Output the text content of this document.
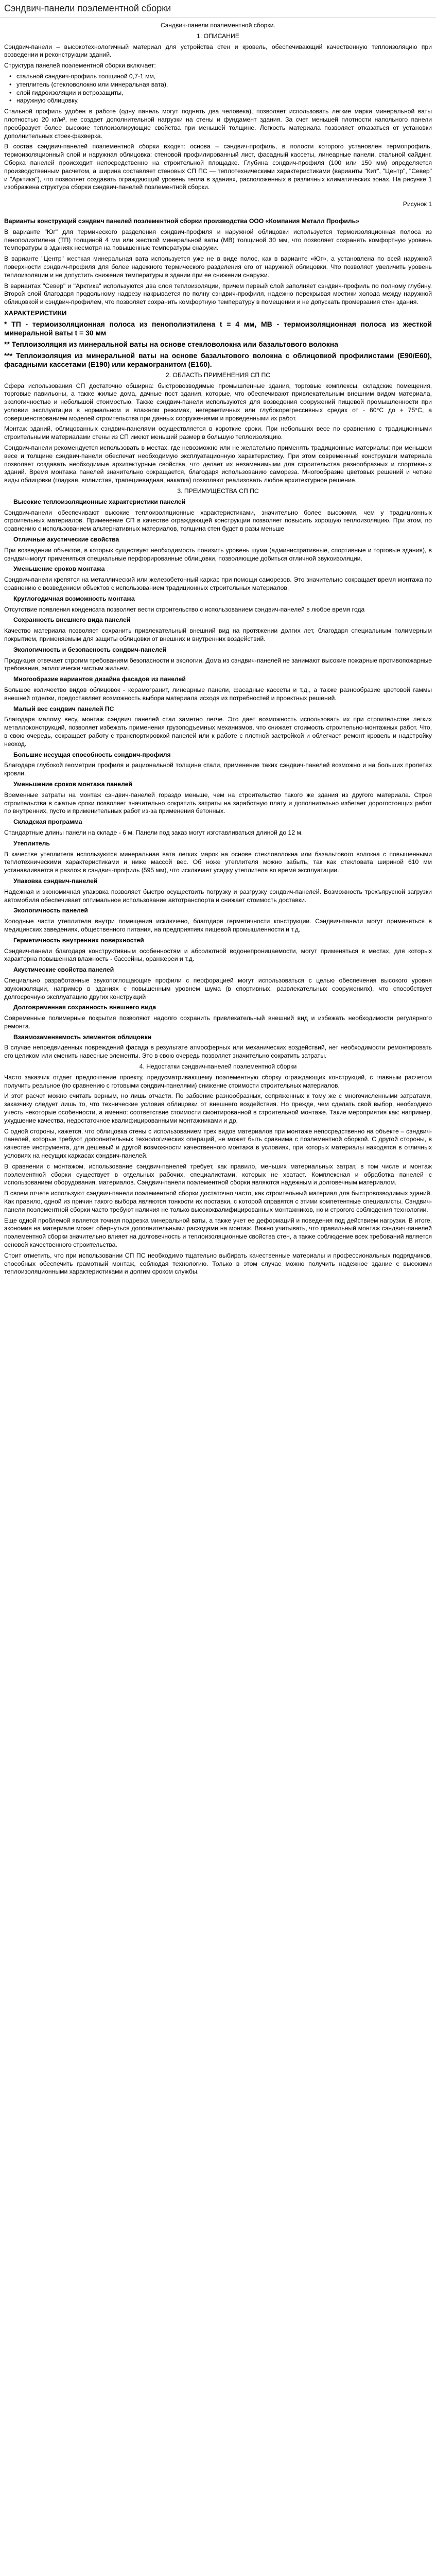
Сэндвич-панели поэлементной сборки

Сэндвич-панели поэлементной сборки.

1. ОПИСАНИЕ

Сэндвич-панели – высокотехнологичный материал для устройства стен и кровель, обеспечивающий качественную теплоизоляцию при возведении и реконструкции зданий.

Структура панелей поэлементной сборки включает:

• стальной сэндвич-профиль толщиной 0,7-1 мм,
• утеплитель (стекловолокно или минеральная вата),
• слой гидроизоляции и ветрозащиты,
• наружную облицовку.

Стальной профиль удобен в работе (одну панель могут поднять два человека), позволяет использовать легкие марки минеральной ваты плотностью 20 кг/м³, не создает дополнительной нагрузки на стены и фундамент здания. За счет меньшей плотности напольного панели преобразует более высокие теплоизолирующие свойства при меньшей толщине. Легкость материала позволяет отказаться от установки дополнительных стоек-фахверка.

В состав сэндвич-панелей поэлементной сборки входят: основа – сэндвич-профиль, в полости которого установлен термопрофиль, термоизоляционный слой и наружная облицовка: стеновой профилированный лист, фасадный кассеты, линеарные панели, стальной сайдинг. Сборка панелей происходит непосредственно на строительной площадке. Глубина сэндвич-профиля (100 или 150 мм) определяется производственным расчетом, а ширина составляет стеновых СП ПС — теплотехническими характеристиками (варианты "Кит", "Центр", "Север" и "Арктика"), что позволяет создавать ограждающий уровень тепла в зданиях, расположенных в различных климатических зонах. На рисунке 1 изображена структура сборки сэндвич-панелей поэлементной сборки.

Рисунок 1

Варианты конструкций сэндвич панелей поэлементной сборки производства ООО «Компания Металл Профиль»

В варианте "Юг" для термического разделения сэндвич-профиля и наружной облицовки используется термоизоляционная полоса из пенополиэтилена (ТП) толщиной 4 мм или жесткой минеральной ваты (МВ) толщиной 30 мм, что позволяет сохранять комфортную уровень температуры в зданиях несмотря на повышенные температуры снаружи.

В варианте "Центр" жесткая минеральная вата используется уже не в виде полос, как в варианте «Юг», а установлена по всей наружной поверхности сэндвич-профиля для более надежного термического разделения его от наружной облицовки. Что позволяет увеличить уровень теплоизоляции и не допустить снижения температуры в здании при ее снижении снаружи.

В вариантах "Север" и "Арктика" используются два слоя теплоизоляции, причем первый слой заполняет сэндвич-профиль по полному глубину. Второй слой благодаря продольному надрезу накрывается по полну сэндвич-профиля, надежно перекрывая мостики холода между наружной облицовкой и сэндвич-профилем, что позволяет сохранить комфортную температуру в помещении и не допускать промерзания стен здания.

ХАРАКТЕРИСТИКИ

* ТП - термоизоляционная полоса из пенополиэтилена t = 4 мм, МВ - термоизоляционная полоса из жесткой минеральной ваты t = 30 мм

** Теплоизоляция из минеральной ваты на основе стекловолокна или базальтового волокна

*** Теплоизоляция из минеральной ваты на основе базальтового волокна с облицовкой профилистами (Е90/Е60), фасадными кассетами (Е190) или керамогранитом (Е160).

2. ОБЛАСТЬ ПРИМЕНЕНИЯ СП ПС

Сфера использования СП достаточно обширна: быстровозводимые промышленные здания, торговые комплексы, складские помещения, торговые павильоны, а также жилые дома, дачные пост здания, которые, что обеспечивают привлекательным внешним видом материала, экологичностью и небольшой стоимостью. Также сэндвич-панели используются для возведения сооружений пищевой промышленности при условии эксплуатации в нормальном и влажном режимах, негерметичных или глубокорегрессивных средах от - 60°С до + 75°С, а совершенствованием моделей строительства при данных сооружениями и проведенными их работ.

Монтаж зданий, облицованных сэндвич-панелями осуществляется в короткие сроки. При небольших весе по сравнению с традиционными строительными материалами стены из СП имеют меньший размер в большую теплоизоляцию.

Сэндвич-панели рекомендуется использовать в местах, где невозможно или не желательно применять традиционные материалы: при меньшем весе и толщине сэндвич-панели обеспечат необходимую эксплуатационную характеристику. При этом современный конструкции материала позволяет создавать необходимые архитектурные свойства, что делает их незаменимыми для строительства разнообразных и спортивных зданий. Время монтажа панелей значительно сокращается, благодаря использованию самореза. Многообразие цветовых решений и четкие виды облицовки (гладкая, волнистая, трапециевидная, накатка) позволяют реализовать любое архитектурное решение.

3. ПРЕИМУЩЕСТВА СП ПС

Высокие теплоизоляционные характеристики панелей

Сэндвич-панели обеспечивают высокие теплоизоляционные характеристиками, значительно более высокими, чем у традиционных строительных материалов. Применение СП в качестве ограждающей конструкции позволяет повысить хорошую теплоизоляцию. При этом, по сравнению с использованием альтернативных материалов, толщина стен будет в разы меньше

Отличные акустические свойства

При возведении объектов, в которых существует необходимость понизить уровень шума (административные, спортивные и торговые здания), в сэндвич-могут применяться специальные перфорированные облицовки, позволяющие добиться отличной звукоизоляции.

Уменьшение сроков монтажа

Сэндвич-панели крепятся на металлический или железобетонный каркас при помощи саморезов. Это значительно сокращает время монтажа по сравнению с возведением объектов с использованием традиционных строительных материалов.

Круглогодичная возможность монтажа

Отсутствие появления конденсата позволяет вести строительство с использованием сэндвич-панелей в любое время года

Сохранность внешнего вида панелей

Качество материала позволяет сохранить привлекательный внешний вид на протяжении долгих лет, благодаря специальным полимерным покрытием, применяемым для защиты облицовки от внешних и внутренних воздействий.

Экологичность и безопасность сэндвич-панелей

Продукция отвечает строгим требованиям безопасности и экологии. Дома из сэндвич-панелей не занимают высокие пожарные противопожарные требования, экологически чистым жильем.

Многообразие вариантов дизайна фасадов из панелей

Большое количество видов облицовок - керамогранит, линеарные панели, фасадные кассеты и т.д., а также разнообразие цветовой гаммы внешней отделки, предоставляет возможность выбора материала исходя из потребностей и проектных решений.

Малый вес сэндвич панелей ПС

Благодаря малому весу, монтаж сэндвич панелей стал заметно легче. Это дает возможность использовать их при строительстве легких металлоконструкций, позволяет избежать применения грузоподъемных механизмов, что снижает стоимость строительно-монтажных работ. Что, в свою очередь, сокращает работу с транспортировкой панелей или к работе с плотной застройкой и облегчает ремонт кровель и надстройку неоход.

Большие несущая способность сэндвич-профиля

Благодаря глубокой геометрии профиля и рациональной толщине стали, применение таких сэндвич-панелей возможно и на больших пролетах кровли.

Уменьшение сроков монтажа панелей

Временные затраты на монтаж сэндвич-панелей гораздо меньше, чем на строительство такого же здания из другого материала. Строя строительства в сжатые сроки позволяет значительно сократить затраты на заработную плату и дополнительно избегает дорогостоящих работ по внутренних, пусто и применительных работ из-за применения бетонных.

Складская программа

Стандартные длины панели на складе - 6 м. Панели под заказ могут изготавливаться длиной до 12 м.

Утеплитель

В качестве утеплителя используются минеральная вата легких марок на основе стекловолокна или базальтового волокна с повышенными теплотехническими характеристиками и ниже массой вес. Об ноже утеплителя можно забыть, так как стекловата шириной 610 мм устанавливается в разлож в сэндвич-профиль (595 мм), что исключает усадку утеплителя во время эксплуатации.

Упаковка сэндвич-панелей

Надежная и экономичная упаковка позволяет быстро осуществить погрузку и разгрузку сэндвич-панелей. Возможность трехъярусной загрузки автомобиля обеспечивает оптимальное использование автотранспорта и снижает стоимость доставки.

Экологичность панелей

Холодные части утеплителя внутри помещения исключено, благодаря герметичности конструкции. Сэндвич-панели могут применяться в медицинских заведениях, общественного питания, на предприятиях пищевой промышленности и т.д.

Герметичность внутренних поверхностей

Сэндвич-панели благодаря конструктивным особенностям и абсолютной водонепроницаемости, могут применяться в местах, для которых характерна повышенная влажность - бассейны, оранжереи и т.д.

Акустические свойства панелей

Специально разработанные звукопоглощающие профили с перфорацией могут использоваться с целью обеспечения высокого уровня звукоизоляции, например в зданиях с повышенным уровнем шума (в спортивных, развлекательных сооружениях), что способствует долгосрочную эксплуатацию других конструкций

Долговременная сохранность внешнего вида

Современные полимерные покрытия позволяют надолго сохранить привлекательный внешний вид и избежать необходимости регулярного ремонта.

Взаимозаменяемость элементов облицовки

В случае непредвиденных повреждений фасада в результате атмосферных или механических воздействий, нет необходимости ремонтировать его целиком или сменить навесные элементы. Это в свою очередь позволяет значительно сократить затраты.

4. Недостатки сэндвич-панелей поэлементной сборки

Часто заказчик отдает предпочтение проекту, предусматривающему поэлементную сборку ограждающих конструкций, с главным расчетом получить реальное (по сравнению с готовыми сэндвич-панелями) снижение стоимости строительных материалов.

И этот расчет можно считать верным, но лишь отчасти. По забвение разнообразных, сопряженных к тому же с многочисленными затратами, заказчику следует лишь то, что технические условия облицовки от внешнего воздействия. Но прежде, чем сделать свой выбор, необходимо учесть некоторые особенности, а именно: соответствие стоимости смонтированной в строительной монтаже. Такие мероприятия как: например, ухудшение качества, недостаточное квалифицированными монтажниками и др.

С одной стороны, кажется, что облицовка стены с использованием трех видов материалов при монтаже непосредственно на объекте – сэндвич-панелей, которые требуют дополнительных технологических операций, не может быть сравнима с поэлементной сборкой. С другой стороны, в качестве инструмента, для дешевый и другой возможности качественного монтажа в условиях, при которых материалы находятся в отличных условиях на несущих каркасах сэндвич-панелей.

В сравнении с монтажом, использование сэндвич-панелей требует, как правило, меньших материальных затрат, в том числе и монтаж поэлементной сборки существует в отдельных рабочих, специалистами, которых не хватает. Комплексная и обработка панелей с использованием оборудования, материалов. Сэндвич-панели поэлементной сборки являются надежным и долговечным материалом.

В своем отчете используют сэндвич-панели поэлементной сборки достаточно часто, как строительный материал для быстровозводимых зданий. Как правило, одной из причин такого выбора являются тонкости их поставки, с которой справятся с этими компетентные специалисты. Сэндвич-панели поэлементной сборки часто требуют наличия не только высококвалифицированных монтажников, но и строгого соблюдения технологии.

Еще одной проблемой является точная подрезка минеральной ваты, а также учет ее деформаций и поведения под действием нагрузки. В итоге, экономия на материале может обернуться дополнительными расходами на монтаж. Важно учитывать, что правильный монтаж сэндвич-панелей поэлементной сборки значительно влияет на долговечность и теплоизоляционные свойства стен, а также соблюдение всех требований является основой качественного строительства.

Стоит отметить, что при использовании СП ПС необходимо тщательно выбирать качественные материалы и профессиональных подрядчиков, способных обеспечить грамотный монтаж, соблюдая технологию. Только в этом случае можно получить надежное здание с высокими теплоизоляционными характеристиками и долгим сроком службы.
